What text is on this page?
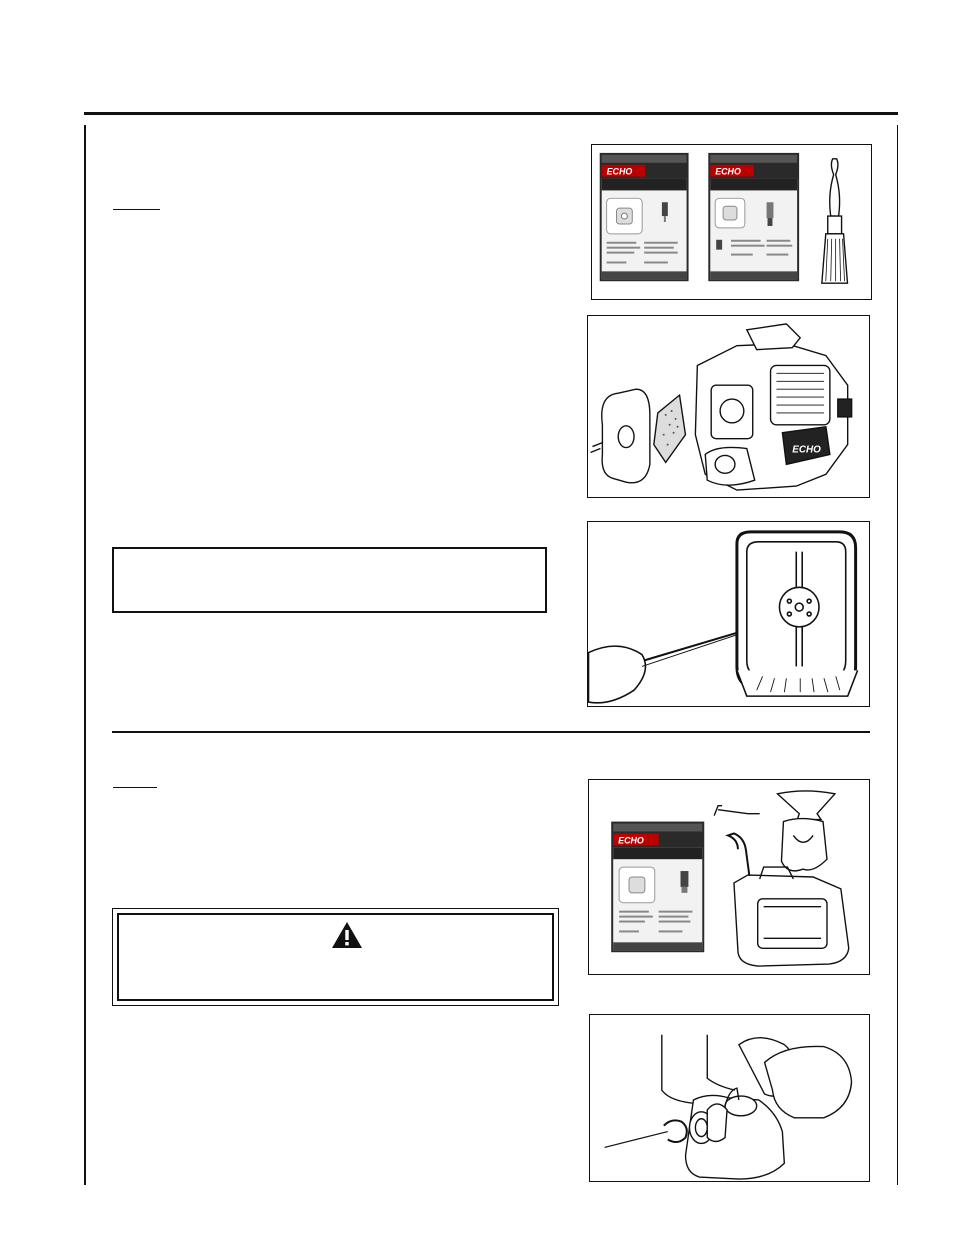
ECHO	ECHO
ECHO
ECHO
